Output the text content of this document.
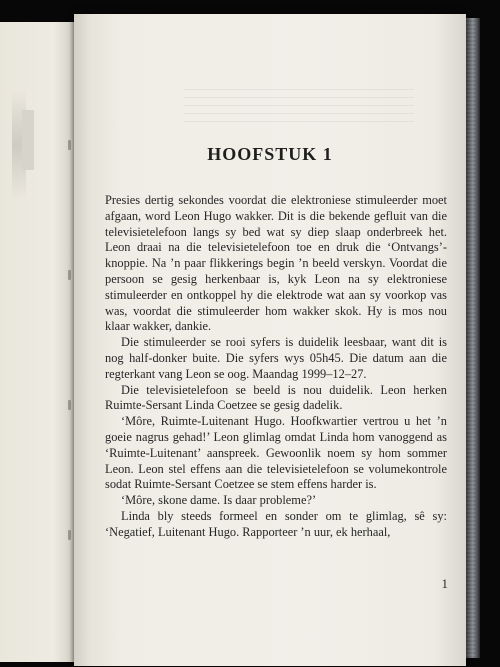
HOOFSTUK 1

Presies dertig sekondes voordat die elektroniese stimuleerder moet afgaan, word Leon Hugo wakker. Dit is die bekende gefluit van die televisietelefoon langs sy bed wat sy diep slaap onderbreek het. Leon draai na die televisietelefoon toe en druk die ‘Ontvangs’-knoppie. Na ’n paar flikkerings begin ’n beeld verskyn. Voordat die persoon se gesig herkenbaar is, kyk Leon na sy elektroniese stimuleerder en ontkoppel hy die elektrode wat aan sy voorkop vas was, voordat die stimuleerder hom wakker skok. Hy is mos nou klaar wakker, dankie.

Die stimuleerder se rooi syfers is duidelik leesbaar, want dit is nog half-donker buite. Die syfers wys 05h45. Die datum aan die regterkant vang Leon se oog. Maandag 1999–12–27.

Die televisietelefoon se beeld is nou duidelik. Leon herken Ruimte-Sersant Linda Coetzee se gesig dadelik.

‘Môre, Ruimte-Luitenant Hugo. Hoofkwartier vertrou u het ’n goeie nagrus gehad!’ Leon glimlag omdat Linda hom vanoggend as ‘Ruimte-Luitenant’ aanspreek. Gewoonlik noem sy hom sommer Leon. Leon stel effens aan die televisietelefoon se volumekontrole sodat Ruimte-Sersant Coetzee se stem effens harder is.

‘Môre, skone dame. Is daar probleme?’

Linda bly steeds formeel en sonder om te glimlag, sê sy: ‘Negatief, Luitenant Hugo. Rapporteer ’n uur, ek herhaal,

1
